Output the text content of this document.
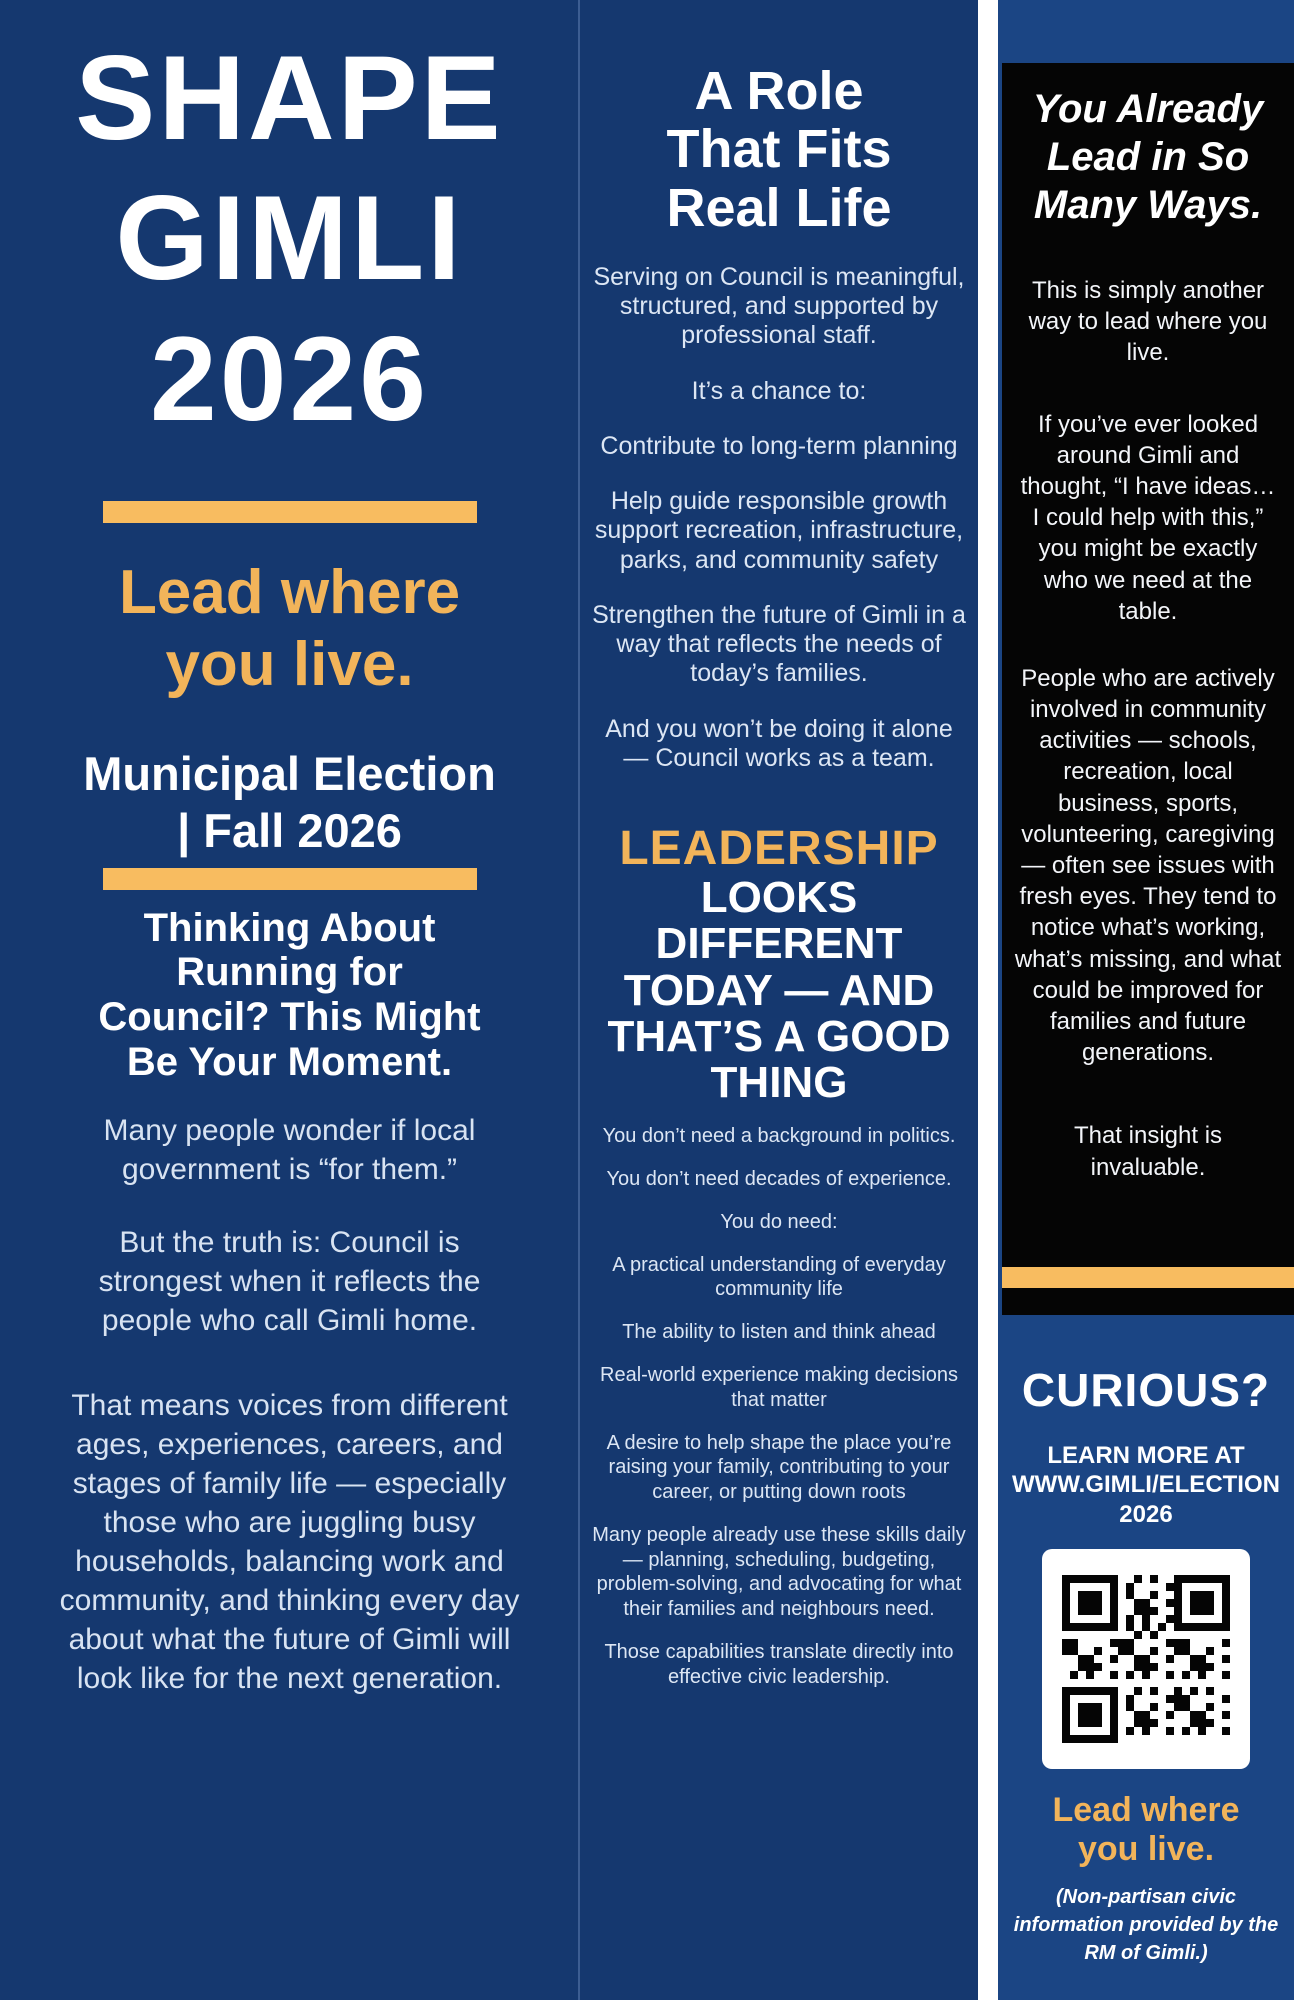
SHAPE
GIMLI
2026
Lead where
you live.
Municipal Election
| Fall 2026
Thinking About
Running for
Council? This Might
Be Your Moment.

Many people wonder if local government is “for them.”

But the truth is: Council is strongest when it reflects the people who call Gimli home.

That means voices from different ages, experiences, careers, and stages of family life — especially those who are juggling busy households, balancing work and community, and thinking every day about what the future of Gimli will look like for the next generation.

A Role
That Fits
Real Life

Serving on Council is meaningful, structured, and supported by professional staff.

It’s a chance to:

Contribute to long-term planning

Help guide responsible growth
support recreation, infrastructure, parks, and community safety

Strengthen the future of Gimli in a way that reflects the needs of today’s families.

And you won’t be doing it alone — Council works as a team.

LEADERSHIP
LOOKS DIFFERENT
TODAY — AND
THAT’S A GOOD
THING

You don’t need a background in politics.

You don’t need decades of experience.

You do need:

A practical understanding of everyday community life

The ability to listen and think ahead

Real-world experience making decisions that matter

A desire to help shape the place you’re raising your family, contributing to your career, or putting down roots

Many people already use these skills daily — planning, scheduling, budgeting, problem-solving, and advocating for what their families and neighbours need.

Those capabilities translate directly into effective civic leadership.

You Already
Lead in So
Many Ways.

This is simply another way to lead where you live.

If you’ve ever looked around Gimli and thought, “I have ideas… I could help with this,” you might be exactly who we need at the table.

People who are actively involved in community activities — schools, recreation, local business, sports, volunteering, caregiving — often see issues with fresh eyes. They tend to notice what’s working, what’s missing, and what could be improved for families and future generations.

That insight is invaluable.

CURIOUS?
LEARN MORE AT
WWW.GIMLI/ELECTION
2026
Lead where
you live.
(Non-partisan civic information provided by the RM of Gimli.)
